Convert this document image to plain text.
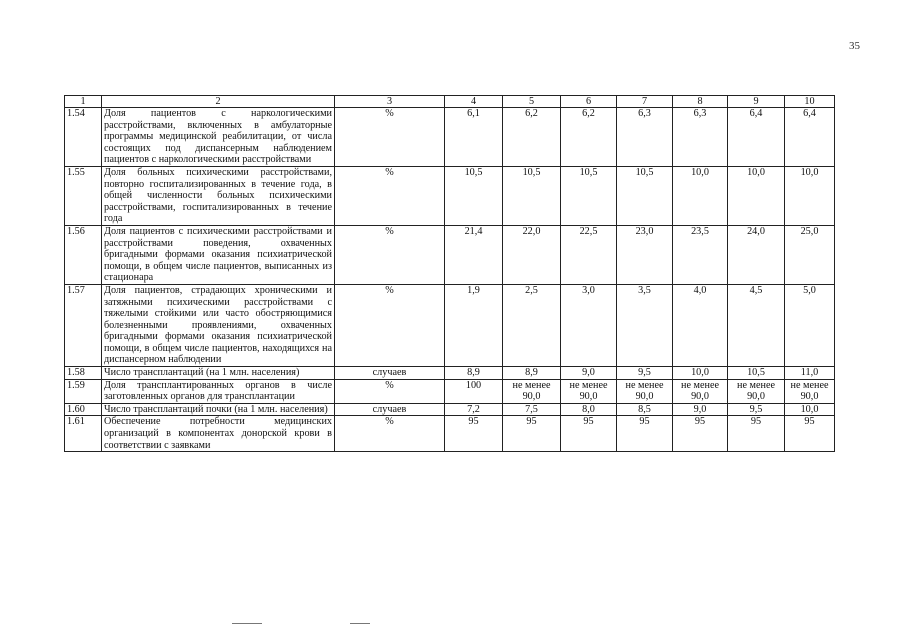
35
1	2	3	4	5	6	7	8	9	10
1.54	Доля пациентов с наркологическими расстройствами, включенных в амбулаторные программы медицинской реабилитации, от числа состоящих под диспансерным наблюдением пациентов с наркологическими расстройствами	%	6,1	6,2	6,2	6,3	6,3	6,4	6,4
1.55	Доля больных психическими расстройствами, повторно госпитализированных в течение года, в общей численности больных психическими расстройствами, госпитализированных в течение года	%	10,5	10,5	10,5	10,5	10,0	10,0	10,0
1.56	Доля пациентов с психическими расстройствами и расстройствами поведения, охваченных бригадными формами оказания психиатрической помощи, в общем числе пациентов, выписанных из стационара	%	21,4	22,0	22,5	23,0	23,5	24,0	25,0
1.57	Доля пациентов, страдающих хроническими и затяжными психическими расстройствами с тяжелыми стойкими или часто обостряющимися болезненными проявлениями, охваченных бригадными формами оказания психиатрической помощи, в общем числе пациентов, находящихся на диспансерном наблюдении	%	1,9	2,5	3,0	3,5	4,0	4,5	5,0
1.58	Число трансплантаций (на 1 млн. населения)	случаев	8,9	8,9	9,0	9,5	10,0	10,5	11,0
1.59	Доля трансплантированных органов в числе заготовленных органов для трансплантации	%	100	не менее 90,0	не менее 90,0	не менее 90,0	не менее 90,0	не менее 90,0	не менее 90,0
1.60	Число трансплантаций почки (на 1 млн. населения)	случаев	7,2	7,5	8,0	8,5	9,0	9,5	10,0
1.61	Обеспечение потребности медицинских организаций в компонентах донорской крови в соответствии с заявками	%	95	95	95	95	95	95	95
